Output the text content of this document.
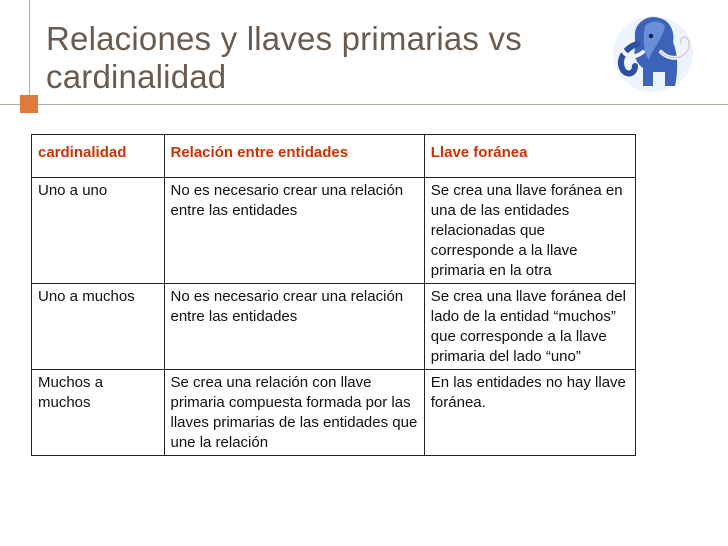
Relaciones y llaves primarias vs cardinalidad
cardinalidad	Relación entre entidades	Llave foránea
Uno a uno	No es necesario crear una relación entre las entidades	Se crea una llave foránea en una de las entidades relacionadas que corresponde a la llave primaria en la otra
Uno a muchos	No es necesario crear una relación entre las entidades	Se crea una llave foránea del lado de la entidad “muchos” que corresponde a la llave primaria del lado “uno”
Muchos a muchos	Se crea una relación con llave primaria compuesta formada por las llaves primarias de las entidades que une la relación	En las entidades no hay llave foránea.
